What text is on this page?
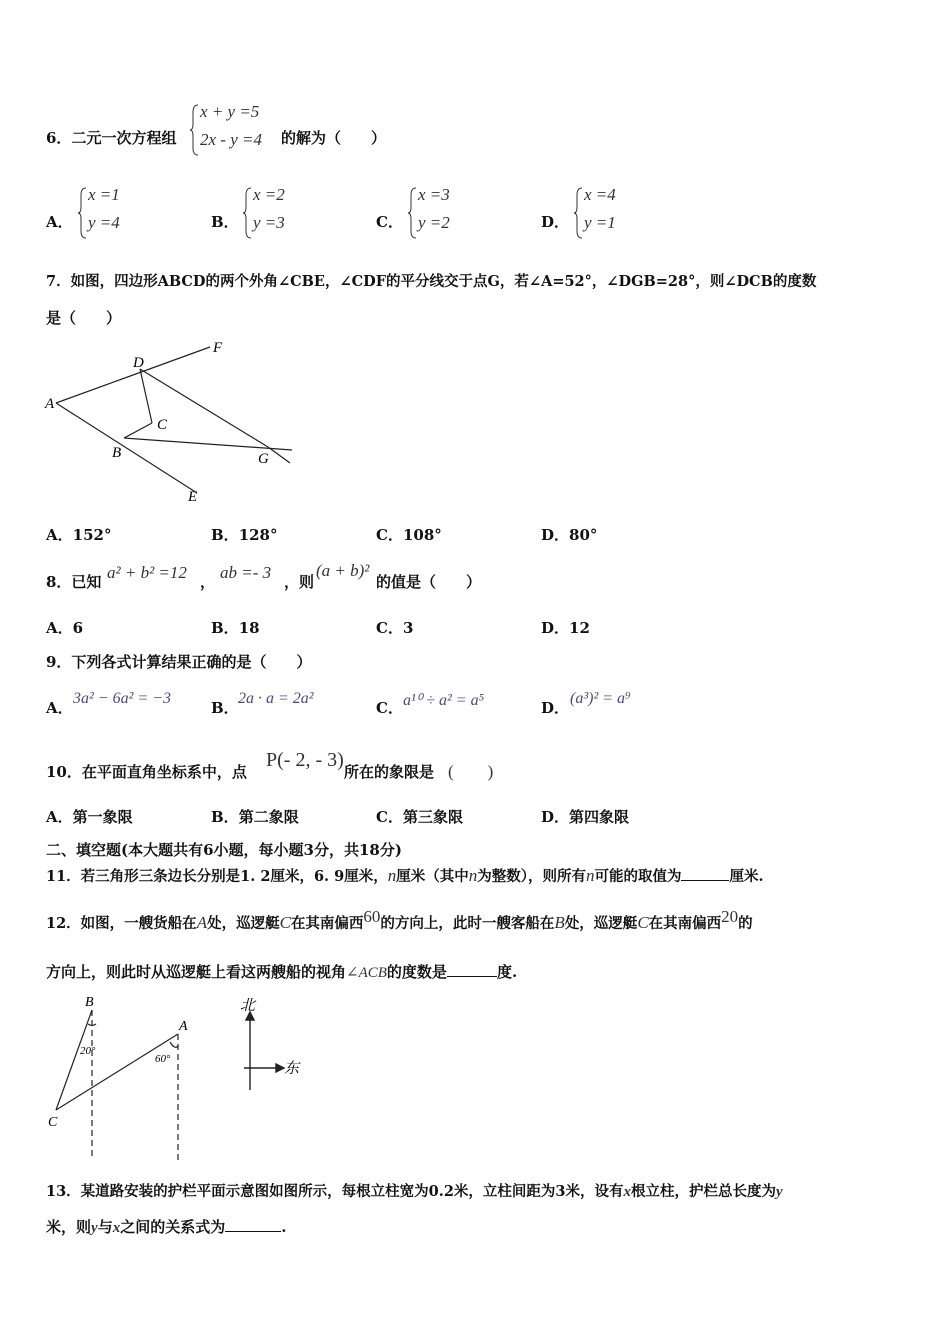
6．二元一次方程组
x + y =5
2x - y =4 的解为（　　）
A．
x =1
y =4	B．
x =2
y =3	C．
x =3
y =2	D．
x =4
y =1
7．如图，四边形ABCD的两个外角∠CBE，∠CDF的平分线交于点G，若∠A=52°，∠DGB=28°，则∠DCB的度数
是（　　）
A
D
F
C
B	G
E
A．152°	B．128°	C．108°	D．80°
8．已知 a² + b² =12 ， ab =- 3 ，则
(a + b)²
的值是（　　）
A．6	B．18	C．3	D．12
9．下列各式计算结果正确的是（　　）
A．
3a² − 6a² = −3
B．
2a · a = 2a²
C． a¹⁰ ÷ a² = a⁵	D．
(a³)² = a⁹
10．在平面直角坐标系中，点
P(- 2, - 3)
所在的象限是 (　　)
A．第一象限	B．第二象限	C．第三象限	D．第四象限
二、填空题(本大题共有6小题，每小题3分，共18分)
11．若三角形三条边长分别是1. 2厘米，6. 9厘米，n厘米（其中n为整数），则所有n可能的取值为	厘米.
12．如图，一艘货船在A处，巡逻艇C在其南偏西60的方向上，此时一艘客船在B处，巡逻艇C在其南偏西20的
方向上，则此时从巡逻艇上看这两艘船的视角∠ACB的度数是	度.
B
A
C
20°
60°
北
东
13．某道路安装的护栏平面示意图如图所示，每根立柱宽为0.2米，立柱间距为3米，设有x根立柱，护栏总长度为y
米，则y与x之间的关系式为	.
